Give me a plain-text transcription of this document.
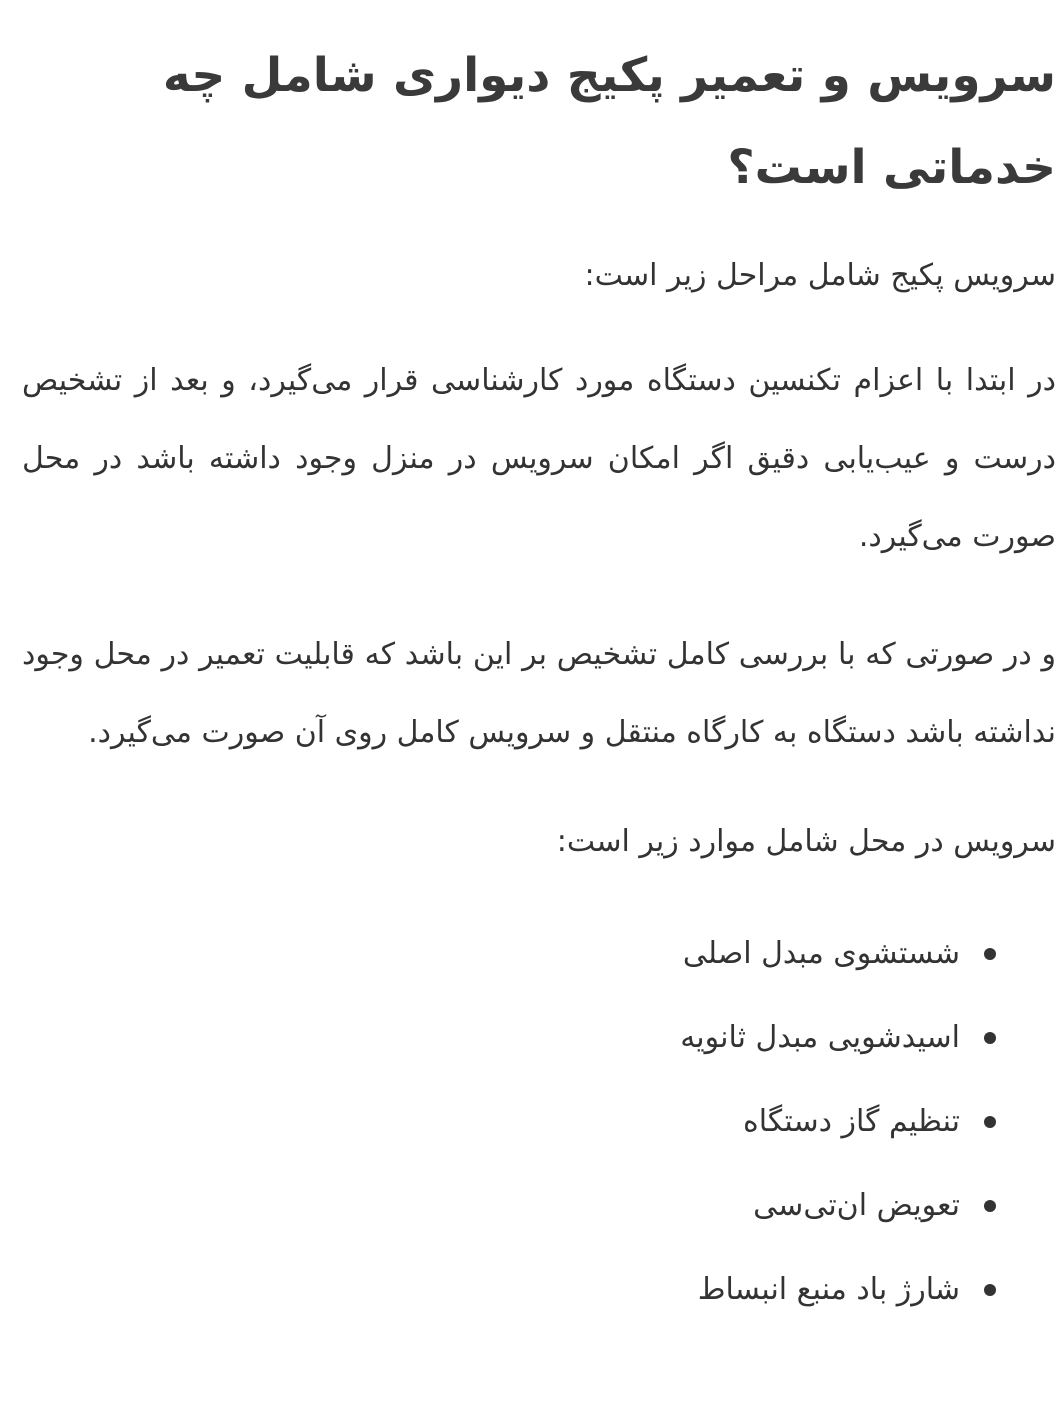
سرویس و تعمیر پکیج دیواری شامل چه خدماتی است؟

سرویس پکیج شامل مراحل زیر است:

در ابتدا با اعزام تکنسین دستگاه مورد کارشناسی قرار می‌گیرد، و بعد از تشخیص درست و عیب‌یابی دقیق اگر امکان سرویس در منزل وجود داشته باشد در محل صورت می‌گیرد.

و در صورتی که با بررسی کامل تشخیص بر این باشد که قابلیت تعمیر در محل وجود نداشته باشد دستگاه به کارگاه منتقل و سرویس کامل روی آن صورت می‌گیرد.

سرویس در محل شامل موارد زیر است:

شستشوی مبدل اصلی
اسیدشویی مبدل ثانویه
تنظیم گاز دستگاه
تعویض ان‌تی‌سی
شارژ باد منبع انبساط
